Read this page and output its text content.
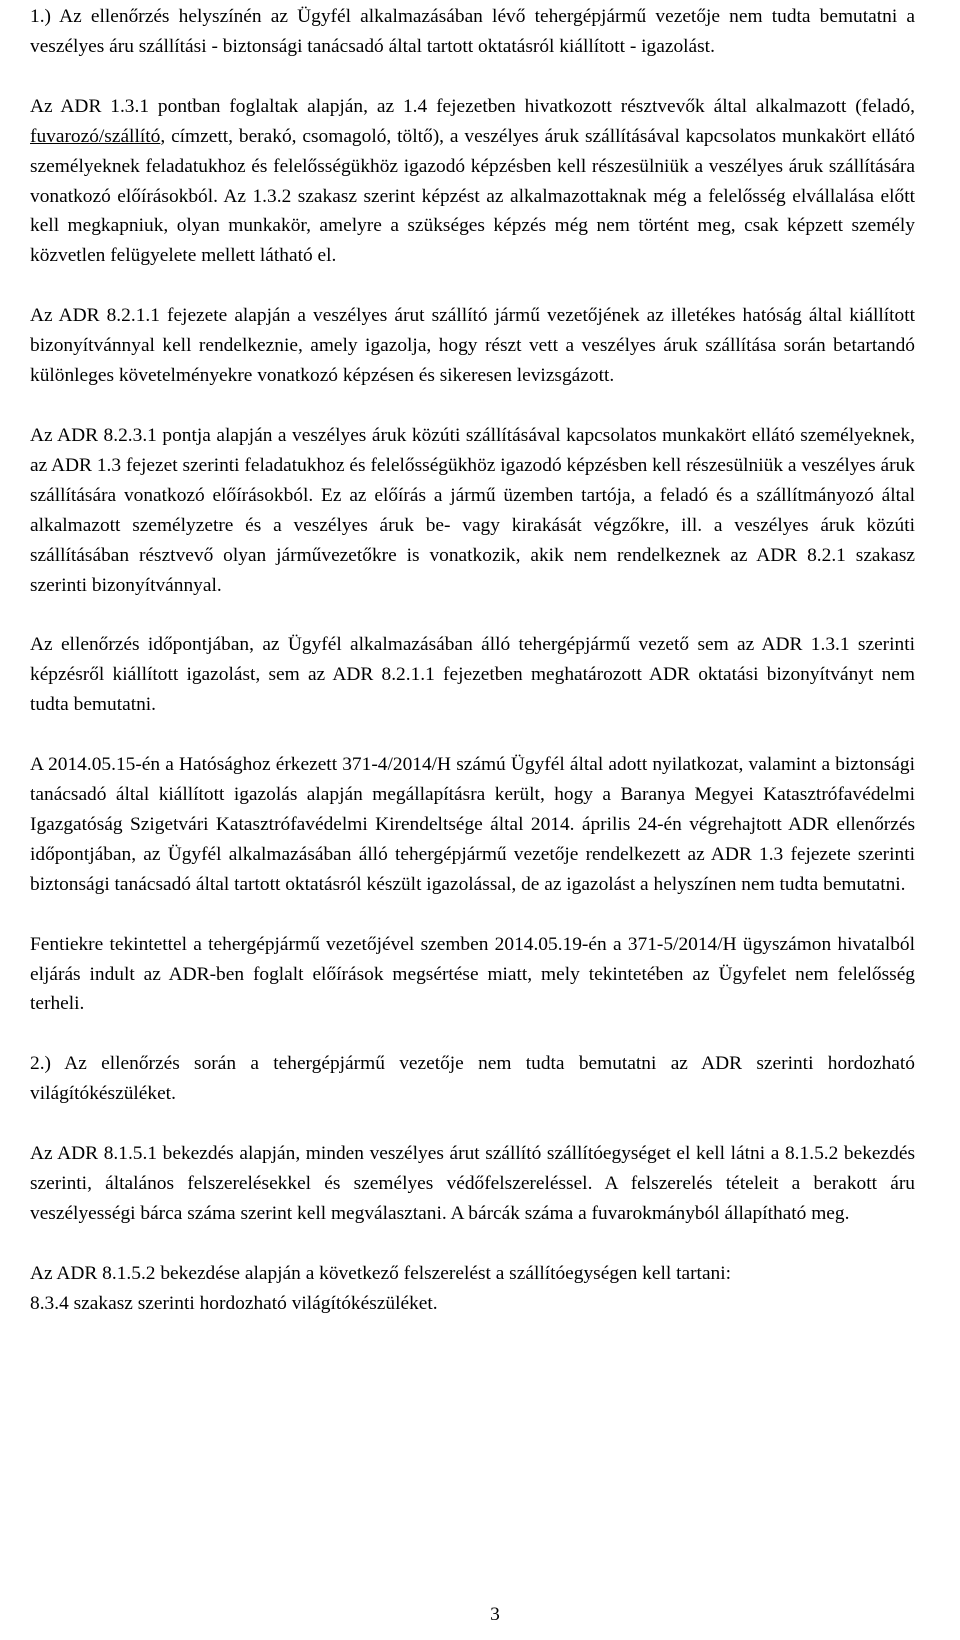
1.) Az ellenőrzés helyszínén az Ügyfél alkalmazásában lévő tehergépjármű vezetője nem tudta bemutatni a veszélyes áru szállítási - biztonsági tanácsadó által tartott oktatásról kiállított - igazolást.

Az ADR 1.3.1 pontban foglaltak alapján, az 1.4 fejezetben hivatkozott résztvevők által alkalmazott (feladó, fuvarozó/szállító, címzett, berakó, csomagoló, töltő), a veszélyes áruk szállításával kapcsolatos munkakört ellátó személyeknek feladatukhoz és felelősségükhöz igazodó képzésben kell részesülniük a veszélyes áruk szállítására vonatkozó előírásokból. Az 1.3.2 szakasz szerint képzést az alkalmazottaknak még a felelősség elvállalása előtt kell megkapniuk, olyan munkakör, amelyre a szükséges képzés még nem történt meg, csak képzett személy közvetlen felügyelete mellett látható el.

Az ADR 8.2.1.1 fejezete alapján a veszélyes árut szállító jármű vezetőjének az illetékes hatóság által kiállított bizonyítvánnyal kell rendelkeznie, amely igazolja, hogy részt vett a veszélyes áruk szállítása során betartandó különleges követelményekre vonatkozó képzésen és sikeresen levizsgázott.

Az ADR 8.2.3.1 pontja alapján a veszélyes áruk közúti szállításával kapcsolatos munkakört ellátó személyeknek, az ADR 1.3 fejezet szerinti feladatukhoz és felelősségükhöz igazodó képzésben kell részesülniük a veszélyes áruk szállítására vonatkozó előírásokból. Ez az előírás a jármű üzemben tartója, a feladó és a szállítmányozó által alkalmazott személyzetre és a veszélyes áruk be- vagy kirakását végzőkre, ill. a veszélyes áruk közúti szállításában résztvevő olyan járművezetőkre is vonatkozik, akik nem rendelkeznek az ADR 8.2.1 szakasz szerinti bizonyítvánnyal.

Az ellenőrzés időpontjában, az Ügyfél alkalmazásában álló tehergépjármű vezető sem az ADR 1.3.1 szerinti képzésről kiállított igazolást, sem az ADR 8.2.1.1 fejezetben meghatározott ADR oktatási bizonyítványt nem tudta bemutatni.

A 2014.05.15-én a Hatósághoz érkezett 371-4/2014/H számú Ügyfél által adott nyilatkozat, valamint a biztonsági tanácsadó által kiállított igazolás alapján megállapításra került, hogy a Baranya Megyei Katasztrófavédelmi Igazgatóság Szigetvári Katasztrófavédelmi Kirendeltsége által 2014. április 24-én végrehajtott ADR ellenőrzés időpontjában, az Ügyfél alkalmazásában álló tehergépjármű vezetője rendelkezett az ADR 1.3 fejezete szerinti biztonsági tanácsadó által tartott oktatásról készült igazolással, de az igazolást a helyszínen nem tudta bemutatni.

Fentiekre tekintettel a tehergépjármű vezetőjével szemben 2014.05.19-én a 371-5/2014/H ügyszámon hivatalból eljárás indult az ADR-ben foglalt előírások megsértése miatt, mely tekintetében az Ügyfelet nem felelősség terheli.

2.) Az ellenőrzés során a tehergépjármű vezetője nem tudta bemutatni az ADR szerinti hordozható világítókészüléket.

Az ADR 8.1.5.1 bekezdés alapján, minden veszélyes árut szállító szállítóegységet el kell látni a 8.1.5.2 bekezdés szerinti, általános felszerelésekkel és személyes védőfelszereléssel. A felszerelés tételeit a berakott áru veszélyességi bárca száma szerint kell megválasztani. A bárcák száma a fuvarokmányból állapítható meg.

Az ADR 8.1.5.2 bekezdése alapján a következő felszerelést a szállítóegységen kell tartani:
8.3.4 szakasz szerinti hordozható világítókészüléket.

3
